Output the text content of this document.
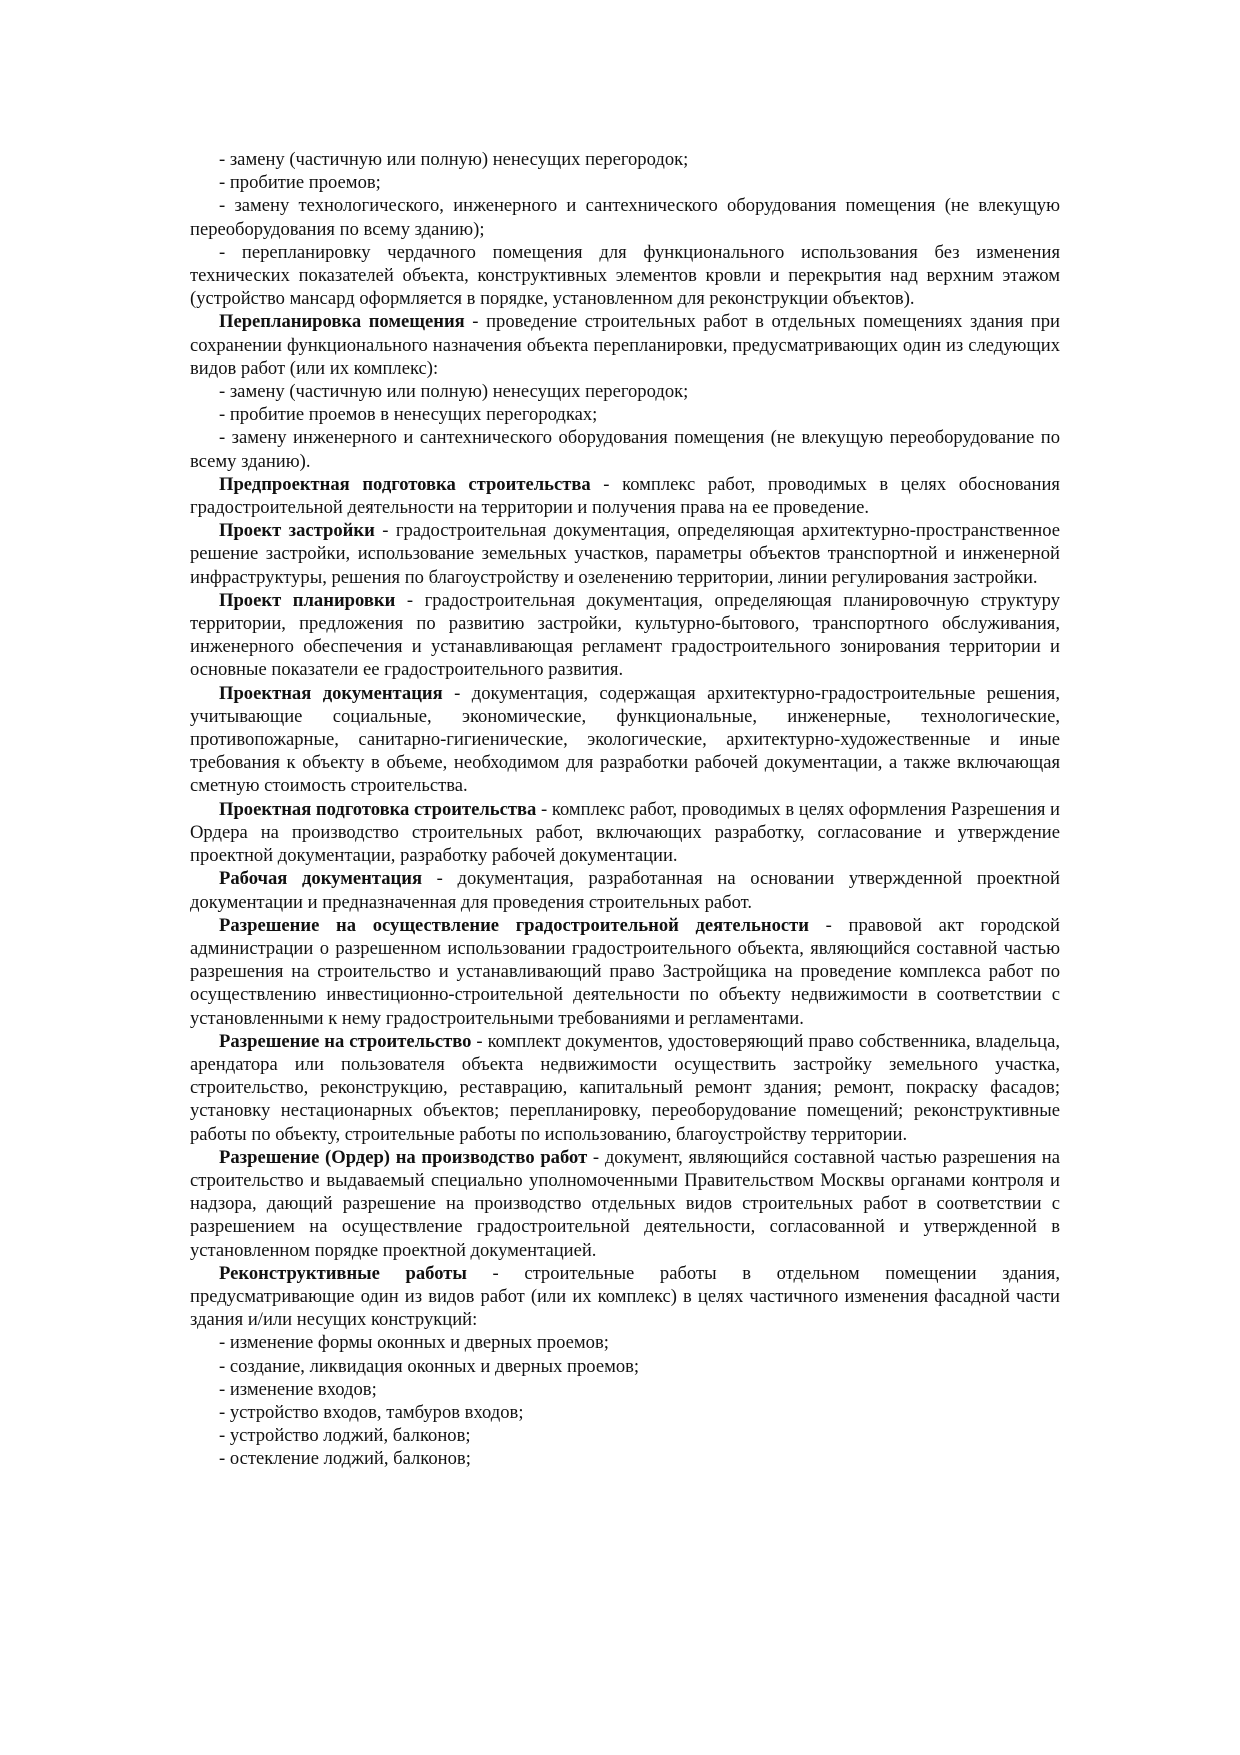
- замену (частичную или полную) ненесущих перегородок;

- пробитие проемов;

- замену технологического, инженерного и сантехнического оборудования помещения (не влекущую переоборудования по всему зданию);

- перепланировку чердачного помещения для функционального использования без изменения технических показателей объекта, конструктивных элементов кровли и перекрытия над верхним этажом (устройство мансард оформляется в порядке, установленном для реконструкции объектов).

Перепланировка помещения - проведение строительных работ в отдельных помещениях здания при сохранении функционального назначения объекта перепланировки, предусматривающих один из следующих видов работ (или их комплекс):

- замену (частичную или полную) ненесущих перегородок;

- пробитие проемов в ненесущих перегородках;

- замену инженерного и сантехнического оборудования помещения (не влекущую переоборудование по всему зданию).

Предпроектная подготовка строительства - комплекс работ, проводимых в целях обоснования градостроительной деятельности на территории и получения права на ее проведение.

Проект застройки - градостроительная документация, определяющая архитектурно-пространственное решение застройки, использование земельных участков, параметры объектов транспортной и инженерной инфраструктуры, решения по благоустройству и озеленению территории, линии регулирования застройки.

Проект планировки - градостроительная документация, определяющая планировочную структуру территории, предложения по развитию застройки, культурно-бытового, транспортного обслуживания, инженерного обеспечения и устанавливающая регламент градостроительного зонирования территории и основные показатели ее градостроительного развития.

Проектная документация - документация, содержащая архитектурно-градостроительные решения, учитывающие социальные, экономические, функциональные, инженерные, технологические, противопожарные, санитарно-гигиенические, экологические, архитектурно-художественные и иные требования к объекту в объеме, необходимом для разработки рабочей документации, а также включающая сметную стоимость строительства.

Проектная подготовка строительства - комплекс работ, проводимых в целях оформления Разрешения и Ордера на производство строительных работ, включающих разработку, согласование и утверждение проектной документации, разработку рабочей документации.

Рабочая документация - документация, разработанная на основании утвержденной проектной документации и предназначенная для проведения строительных работ.

Разрешение на осуществление градостроительной деятельности - правовой акт городской администрации о разрешенном использовании градостроительного объекта, являющийся составной частью разрешения на строительство и устанавливающий право Застройщика на проведение комплекса работ по осуществлению инвестиционно-строительной деятельности по объекту недвижимости в соответствии с установленными к нему градостроительными требованиями и регламентами.

Разрешение на строительство - комплект документов, удостоверяющий право собственника, владельца, арендатора или пользователя объекта недвижимости осуществить застройку земельного участка, строительство, реконструкцию, реставрацию, капитальный ремонт здания; ремонт, покраску фасадов; установку нестационарных объектов; перепланировку, переоборудование помещений; реконструктивные работы по объекту, строительные работы по использованию, благоустройству территории.

Разрешение (Ордер) на производство работ - документ, являющийся составной частью разрешения на строительство и выдаваемый специально уполномоченными Правительством Москвы органами контроля и надзора, дающий разрешение на производство отдельных видов строительных работ в соответствии с разрешением на осуществление градостроительной деятельности, согласованной и утвержденной в установленном порядке проектной документацией.

Реконструктивные работы - строительные работы в отдельном помещении здания, предусматривающие один из видов работ (или их комплекс) в целях частичного изменения фасадной части здания и/или несущих конструкций:

- изменение формы оконных и дверных проемов;

- создание, ликвидация оконных и дверных проемов;

- изменение входов;

- устройство входов, тамбуров входов;

- устройство лоджий, балконов;

- остекление лоджий, балконов;
